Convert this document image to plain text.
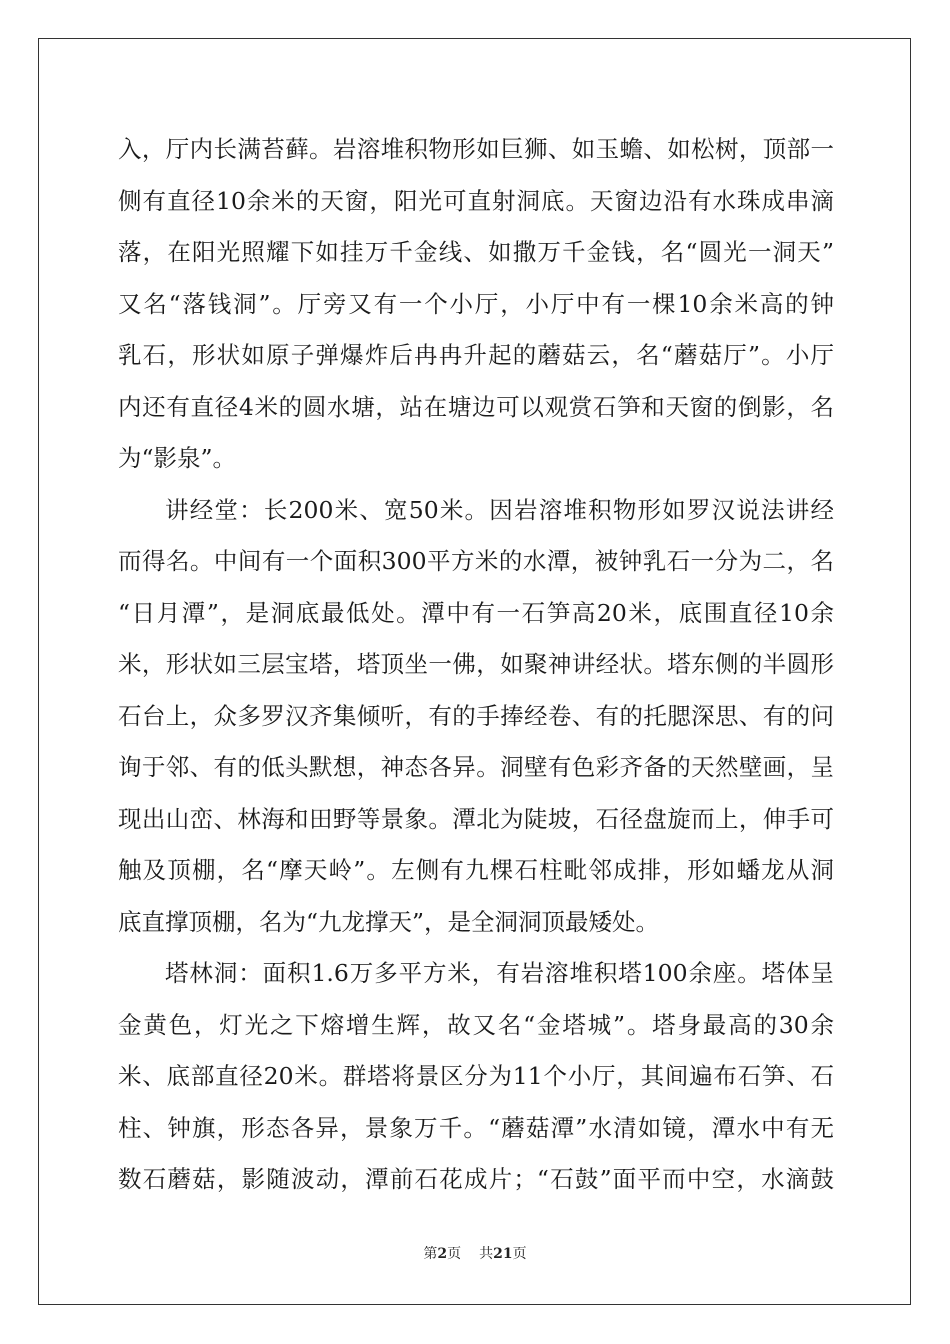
入，厅内长满苔藓。岩溶堆积物形如巨狮、如玉蟾、如松树，顶部一
侧有直径10余米的天窗，阳光可直射洞底。天窗边沿有水珠成串滴
落，在阳光照耀下如挂万千金线、如撒万千金钱，名“圆光一洞天”
又名“落钱洞”。厅旁又有一个小厅，小厅中有一棵10余米高的钟
乳石，形状如原子弹爆炸后冉冉升起的蘑菇云，名“蘑菇厅”。小厅
内还有直径4米的圆水塘，站在塘边可以观赏石笋和天窗的倒影，名
为“影泉”。
讲经堂：长200米、宽50米。因岩溶堆积物形如罗汉说法讲经
而得名。中间有一个面积300平方米的水潭，被钟乳石一分为二，名
“日月潭”，是洞底最低处。潭中有一石笋高20米，底围直径10余
米，形状如三层宝塔，塔顶坐一佛，如聚神讲经状。塔东侧的半圆形
石台上，众多罗汉齐集倾听，有的手捧经卷、有的托腮深思、有的问
询于邻、有的低头默想，神态各异。洞壁有色彩齐备的天然壁画，呈
现出山峦、林海和田野等景象。潭北为陡坡，石径盘旋而上，伸手可
触及顶棚，名“摩天岭”。左侧有九棵石柱毗邻成排，形如蟠龙从洞
底直撑顶棚，名为“九龙撑天”，是全洞洞顶最矮处。
塔林洞：面积1.6万多平方米，有岩溶堆积塔100余座。塔体呈
金黄色，灯光之下熔增生辉，故又名“金塔城”。塔身最高的30余
米、底部直径20米。群塔将景区分为11个小厅，其间遍布石笋、石
柱、钟旗，形态各异，景象万千。“蘑菇潭”水清如镜，潭水中有无
数石蘑菇，影随波动，潭前石花成片；“石鼓”面平而中空，水滴鼓
第2页 共21页
